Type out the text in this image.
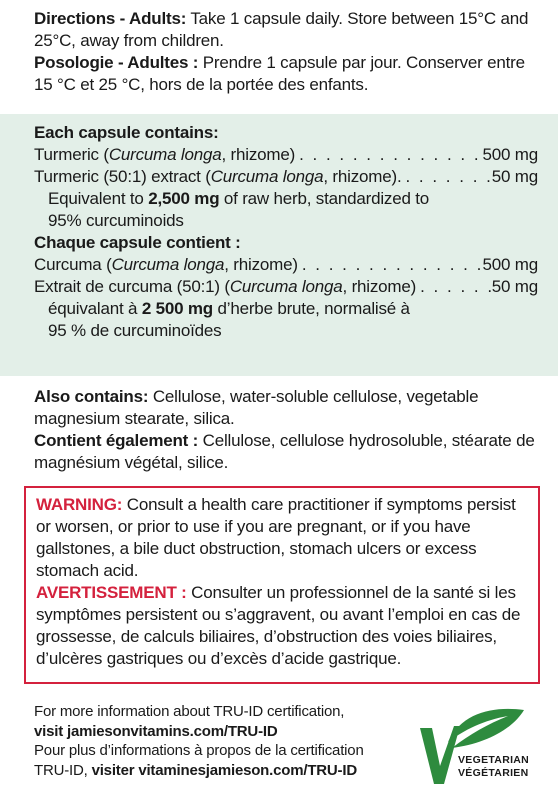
Directions - Adults: Take 1 capsule daily. Store between 15°C and 25°C, away from children.

Posologie - Adultes : Prendre 1 capsule par jour. Conserver entre 15 °C et 25 °C, hors de la portée des enfants.

Each capsule contains:

Turmeric (Curcuma longa, rhizome) . . .	500 mg
Turmeric (50:1) extract (Curcuma longa, rhizome). . . .	50 mg

Equivalent to 2,500 mg of raw herb, standardized to
95% curcuminoids

Chaque capsule contient :

Curcuma (Curcuma longa, rhizome) . . .	500 mg
Extrait de curcuma (50:1) (Curcuma longa, rhizome) . . .	50 mg

équivalant à 2 500 mg d’herbe brute, normalisé à
95 % de curcuminoïdes

Also contains: Cellulose, water-soluble cellulose, vegetable magnesium stearate, silica.

Contient également : Cellulose, cellulose hydrosoluble, stéarate de magnésium végétal, silice.

WARNING: Consult a health care practitioner if symptoms persist or worsen, or prior to use if you are pregnant, or if you have gallstones, a bile duct obstruction, stomach ulcers or excess stomach acid.

AVERTISSEMENT : Consulter un professionnel de la santé si les symptômes persistent ou s’aggravent, ou avant l’emploi en cas de grossesse, de calculs biliaires, d’obstruction des voies biliaires, d’ulcères gastriques ou d’excès d’acide gastrique.

For more information about TRU-ID certification,

visit jamiesonvitamins.com/TRU-ID

Pour plus d’informations à propos de la certification

TRU-ID, visiter vitaminesjamieson.com/TRU-ID

VEGETARIAN
VÉGÉTARIEN
